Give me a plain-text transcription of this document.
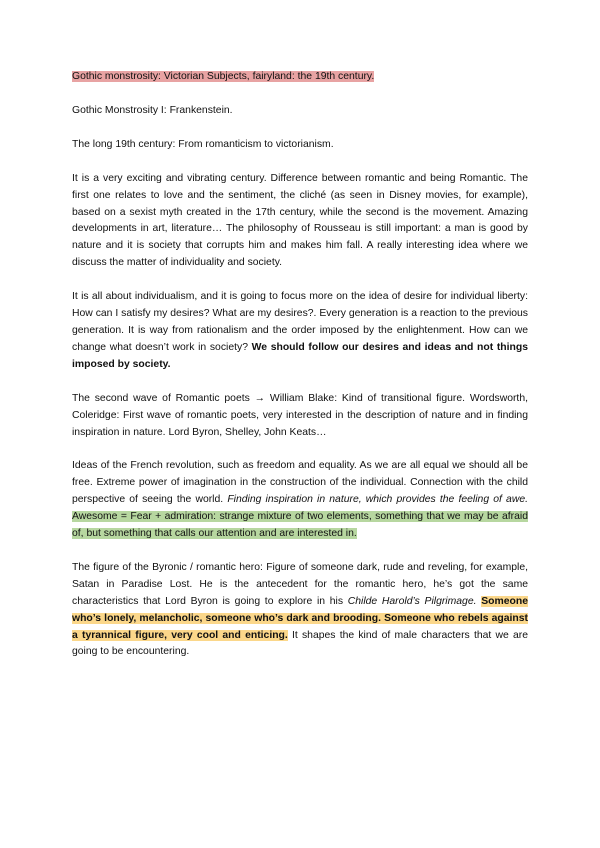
Gothic monstrosity: Victorian Subjects, fairyland: the 19th century.

Gothic Monstrosity I: Frankenstein.

The long 19th century: From romanticism to victorianism.

It is a very exciting and vibrating century. Difference between romantic and being Romantic. The first one relates to love and the sentiment, the cliché (as seen in Disney movies, for example), based on a sexist myth created in the 17th century, while the second is the movement. Amazing developments in art, literature… The philosophy of Rousseau is still important: a man is good by nature and it is society that corrupts him and makes him fall. A really interesting idea where we discuss the matter of individuality and society.

It is all about individualism, and it is going to focus more on the idea of desire for individual liberty: How can I satisfy my desires? What are my desires?. Every generation is a reaction to the previous generation. It is way from rationalism and the order imposed by the enlightenment. How can we change what doesn’t work in society? We should follow our desires and ideas and not things imposed by society.

The second wave of Romantic poets → William Blake: Kind of transitional figure. Wordsworth, Coleridge: First wave of romantic poets, very interested in the description of nature and in finding inspiration in nature. Lord Byron, Shelley, John Keats…

Ideas of the French revolution, such as freedom and equality. As we are all equal we should all be free. Extreme power of imagination in the construction of the individual. Connection with the child perspective of seeing the world. Finding inspiration in nature, which provides the feeling of awe. Awesome = Fear + admiration: strange mixture of two elements, something that we may be afraid of, but something that calls our attention and are interested in.

The figure of the Byronic / romantic hero: Figure of someone dark, rude and reveling, for example, Satan in Paradise Lost. He is the antecedent for the romantic hero, he’s got the same characteristics that Lord Byron is going to explore in his Childe Harold’s Pilgrimage. Someone who’s lonely, melancholic, someone who’s dark and brooding. Someone who rebels against a tyrannical figure, very cool and enticing. It shapes the kind of male characters that we are going to be encountering.
